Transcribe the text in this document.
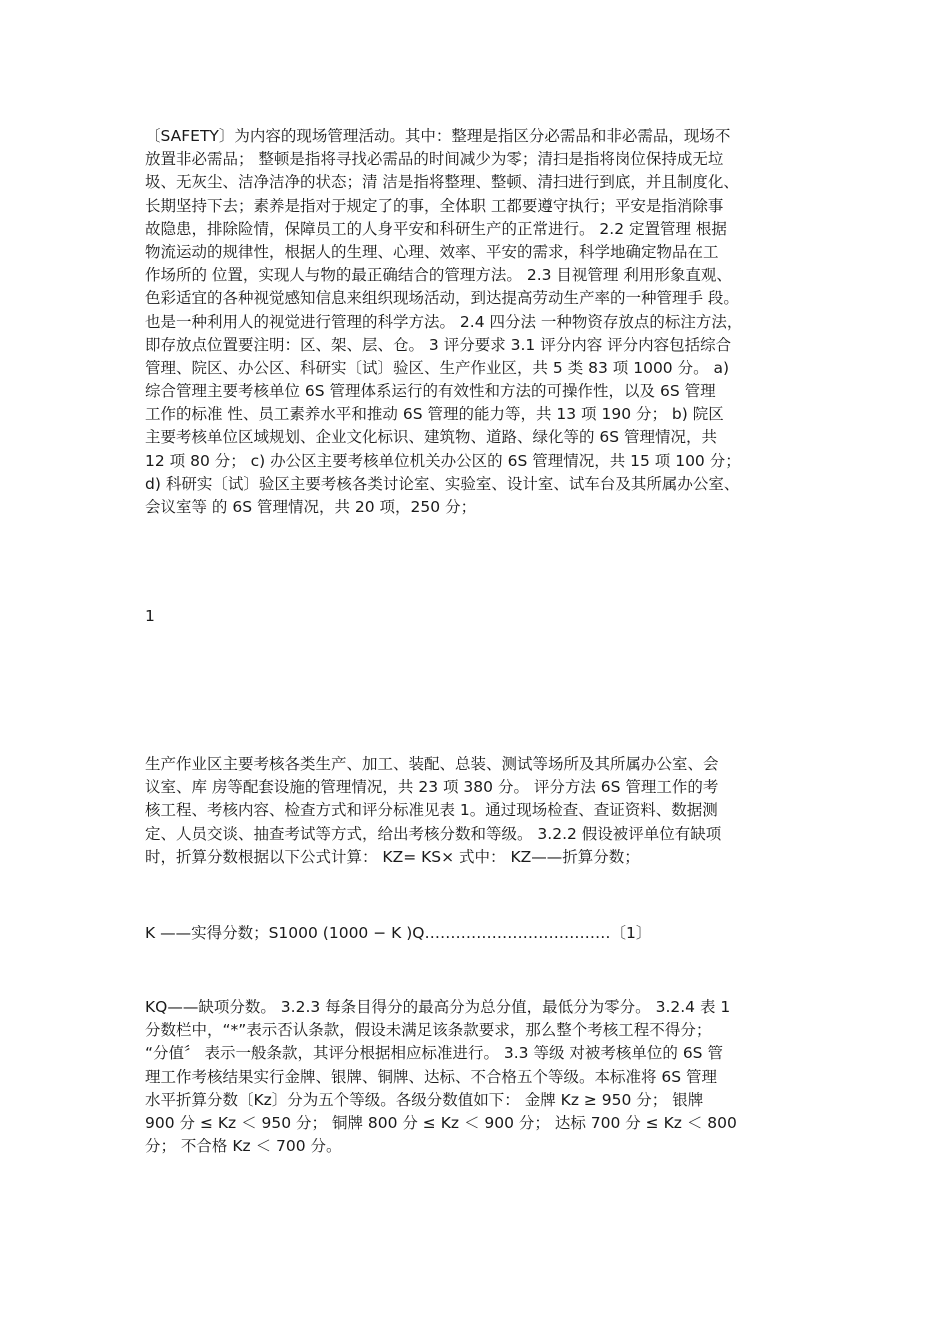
〔SAFETY〕为内容的现场管理活动。其中：整理是指区分必需品和非必需品，现场不
放置非必需品； 整顿是指将寻找必需品的时间减少为零；清扫是指将岗位保持成无垃
圾、无灰尘、洁净洁净的状态；清 洁是指将整理、整顿、清扫进行到底，并且制度化、
长期坚持下去；素养是指对于规定了的事，全体职 工都要遵守执行；平安是指消除事
故隐患，排除险情，保障员工的人身平安和科研生产的正常进行。 2.2 定置管理 根据
物流运动的规律性，根据人的生理、心理、效率、平安的需求，科学地确定物品在工
作场所的 位置，实现人与物的最正确结合的管理方法。 2.3 目视管理 利用形象直观、
色彩适宜的各种视觉感知信息来组织现场活动，到达提高劳动生产率的一种管理手 段。
也是一种利用人的视觉进行管理的科学方法。 2.4 四分法 一种物资存放点的标注方法，
即存放点位置要注明：区、架、层、仓。 3 评分要求 3.1 评分内容 评分内容包括综合
管理、院区、办公区、科研实〔试〕验区、生产作业区，共 5 类 83 项 1000 分。 a)
综合管理主要考核单位 6S 管理体系运行的有效性和方法的可操作性，以及 6S 管理
工作的标准 性、员工素养水平和推动 6S 管理的能力等，共 13 项 190 分； b) 院区
主要考核单位区域规划、企业文化标识、建筑物、道路、绿化等的 6S 管理情况，共
12 项 80 分； c) 办公区主要考核单位机关办公区的 6S 管理情况，共 15 项 100 分；
d) 科研实〔试〕验区主要考核各类讨论室、实验室、设计室、试车台及其所属办公室、
会议室等 的 6S 管理情况，共 20 项，250 分；
1
生产作业区主要考核各类生产、加工、装配、总装、测试等场所及其所属办公室、会
议室、库 房等配套设施的管理情况，共 23 项 380 分。 评分方法 6S 管理工作的考
核工程、考核内容、检查方式和评分标准见表 1。通过现场检查、查证资料、数据测
定、人员交谈、抽查考试等方式，给出考核分数和等级。 3.2.2 假设被评单位有缺项
时，折算分数根据以下公式计算： KZ= KS× 式中： KZ——折算分数；
K ——实得分数；S1000 (1000 − K )Q………………………………〔1〕
KQ——缺项分数。 3.2.3 每条目得分的最高分为总分值，最低分为零分。 3.2.4 表 1
分数栏中，“*”表示否认条款，假设未满足该条款要求，那么整个考核工程不得分；
“分值〞 表示一般条款，其评分根据相应标准进行。 3.3 等级 对被考核单位的 6S 管
理工作考核结果实行金牌、银牌、铜牌、达标、不合格五个等级。本标准将 6S 管理
水平折算分数〔Kz〕分为五个等级。各级分数值如下： 金牌 Kz ≥ 950 分； 银牌
900 分 ≤ Kz ＜ 950 分； 铜牌 800 分 ≤ Kz ＜ 900 分； 达标 700 分 ≤ Kz ＜ 800
分； 不合格 Kz ＜ 700 分。
